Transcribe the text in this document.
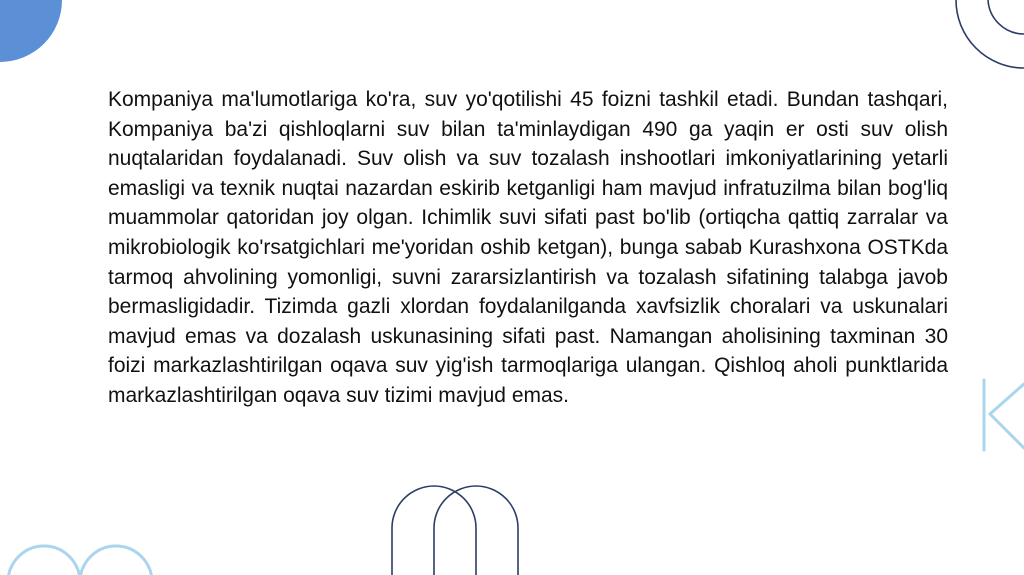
Kompaniya ma'lumotlariga ko'ra, suv yo'qotilishi 45 foizni tashkil etadi. Bundan tashqari, Kompaniya ba'zi qishloqlarni suv bilan ta'minlaydigan 490 ga yaqin er osti suv olish nuqtalaridan foydalanadi. Suv olish va suv tozalash inshootlari imkoniyatlarining yetarli emasligi va texnik nuqtai nazardan eskirib ketganligi ham mavjud infratuzilma bilan bog'liq muammolar qatoridan joy olgan. Ichimlik suvi sifati past bo'lib (ortiqcha qattiq zarralar va mikrobiologik ko'rsatgichlari me'yoridan oshib ketgan), bunga sabab Kurashxona OSTKda tarmoq ahvolining yomonligi, suvni zararsizlantirish va tozalash sifatining talabga javob bermasligidadir. Tizimda gazli xlordan foydalanilganda xavfsizlik choralari va uskunalari mavjud emas va dozalash uskunasining sifati past. Namangan aholisining taxminan 30 foizi markazlashtirilgan oqava suv yig'ish tarmoqlariga ulangan. Qishloq aholi punktlarida markazlashtirilgan oqava suv tizimi mavjud emas.
